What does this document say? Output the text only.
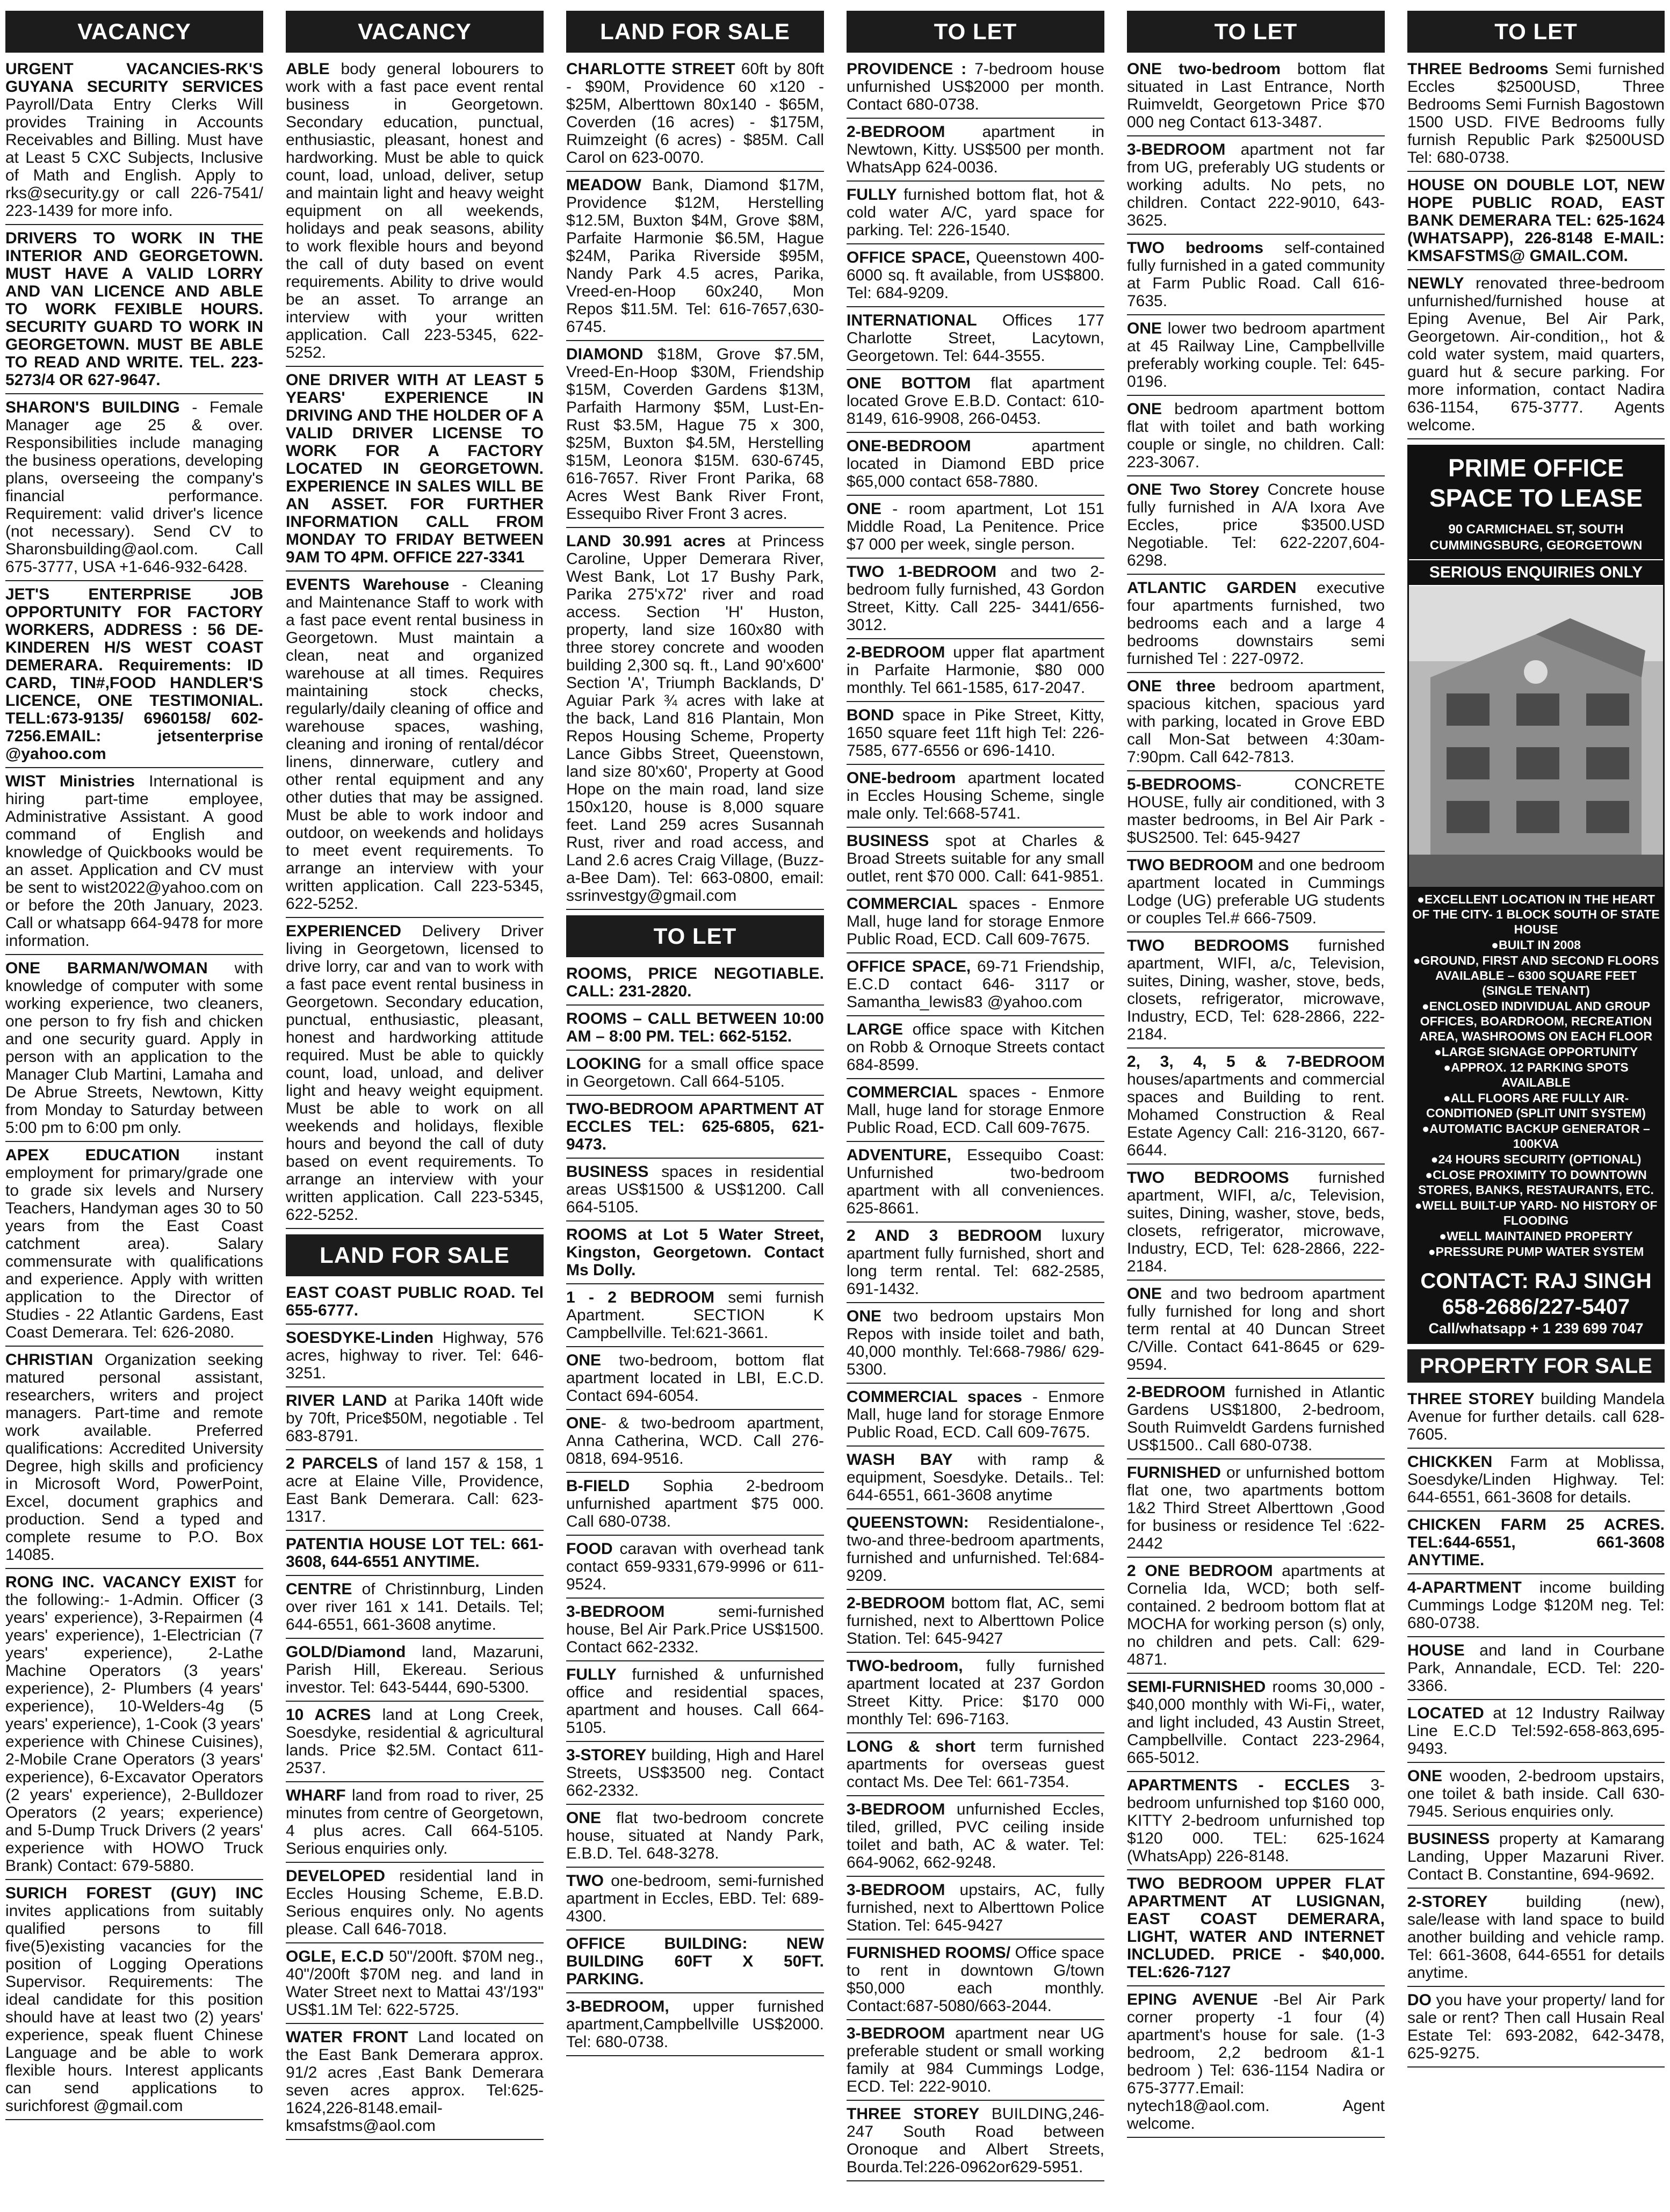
VACANCY
URGENT VACANCIES-RK'S GUYANA SECURITY SERVICES Payroll/Data Entry Clerks Will provides Training in Accounts Receivables and Billing. Must have at Least 5 CXC Subjects, Inclusive of Math and English. Apply to rks@security.gy or call 226-7541/ 223-1439 for more info.
DRIVERS TO WORK IN THE INTERIOR AND GEORGETOWN. MUST HAVE A VALID LORRY AND VAN LICENCE AND ABLE TO WORK FEXIBLE HOURS. SECURITY GUARD TO WORK IN GEORGETOWN. MUST BE ABLE TO READ AND WRITE. TEL. 223-5273/4 OR 627-9647.
SHARON'S BUILDING - Female Manager age 25 & over. Responsibilities include managing the business operations, developing plans, overseeing the company's financial performance. Requirement: valid driver's licence (not necessary). Send CV to Sharonsbuilding@aol.com. Call 675-3777, USA +1-646-932-6428.
JET'S ENTERPRISE JOB OPPORTUNITY FOR FACTORY WORKERS, ADDRESS : 56 DE-KINDEREN H/S WEST COAST DEMERARA. Requirements: ID CARD, TIN#,FOOD HANDLER'S LICENCE, ONE TESTIMONIAL. TELL:673-9135/ 6960158/ 602-7256.EMAIL: jetsenterprise @yahoo.com
WIST Ministries International is hiring part-time employee, Administrative Assistant. A good command of English and knowledge of Quickbooks would be an asset. Application and CV must be sent to wist2022@yahoo.com on or before the 20th January, 2023. Call or whatsapp 664-9478 for more information.
ONE BARMAN/WOMAN with knowledge of computer with some working experience, two cleaners, one person to fry fish and chicken and one security guard. Apply in person with an application to the Manager Club Martini, Lamaha and De Abrue Streets, Newtown, Kitty from Monday to Saturday between 5:00 pm to 6:00 pm only.
APEX EDUCATION instant employment for primary/grade one to grade six levels and Nursery Teachers, Handyman ages 30 to 50 years from the East Coast catchment area). Salary commensurate with qualifications and experience. Apply with written application to the Director of Studies - 22 Atlantic Gardens, East Coast Demerara. Tel: 626-2080.
CHRISTIAN Organization seeking matured personal assistant, researchers, writers and project managers. Part-time and remote work available. Preferred qualifications: Accredited University Degree, high skills and proficiency in Microsoft Word, PowerPoint, Excel, document graphics and production. Send a typed and complete resume to P.O. Box 14085.
RONG INC. VACANCY EXIST for the following:- 1-Admin. Officer (3 years' experience), 3-Repairmen (4 years' experience), 1-Electrician (7 years' experience), 2-Lathe Machine Operators (3 years' experience), 2- Plumbers (4 years' experience), 10-Welders-4g (5 years' experience), 1-Cook (3 years' experience with Chinese Cuisines), 2-Mobile Crane Operators (3 years' experience), 6-Excavator Operators (2 years' experience), 2-Bulldozer Operators (2 years; experience) and 5-Dump Truck Drivers (2 years' experience with HOWO Truck Brank) Contact: 679-5880.
SURICH FOREST (GUY) INC invites applications from suitably qualified persons to fill five(5)existing vacancies for the position of Logging Operations Supervisor. Requirements: The ideal candidate for this position should have at least two (2) years' experience, speak fluent Chinese Language and be able to work flexible hours. Interest applicants can send applications to surichforest @gmail.com
VACANCY
ABLE body general lobourers to work with a fast pace event rental business in Georgetown. Secondary education, punctual, enthusiastic, pleasant, honest and hardworking. Must be able to quick count, load, unload, deliver, setup and maintain light and heavy weight equipment on all weekends, holidays and peak seasons, ability to work flexible hours and beyond the call of duty based on event requirements. Ability to drive would be an asset. To arrange an interview with your written application. Call 223-5345, 622-5252.
ONE DRIVER WITH AT LEAST 5 YEARS' EXPERIENCE IN DRIVING AND THE HOLDER OF A VALID DRIVER LICENSE TO WORK FOR A FACTORY LOCATED IN GEORGETOWN. EXPERIENCE IN SALES WILL BE AN ASSET. FOR FURTHER INFORMATION CALL FROM MONDAY TO FRIDAY BETWEEN 9AM TO 4PM. OFFICE 227-3341
EVENTS Warehouse - Cleaning and Maintenance Staff to work with a fast pace event rental business in Georgetown. Must maintain a clean, neat and organized warehouse at all times. Requires maintaining stock checks, regularly/daily cleaning of office and warehouse spaces, washing, cleaning and ironing of rental/décor linens, dinnerware, cutlery and other rental equipment and any other duties that may be assigned. Must be able to work indoor and outdoor, on weekends and holidays to meet event requirements. To arrange an interview with your written application. Call 223-5345, 622-5252.
EXPERIENCED Delivery Driver living in Georgetown, licensed to drive lorry, car and van to work with a fast pace event rental business in Georgetown. Secondary education, punctual, enthusiastic, pleasant, honest and hardworking attitude required. Must be able to quickly count, load, unload, and deliver light and heavy weight equipment. Must be able to work on all weekends and holidays, flexible hours and beyond the call of duty based on event requirements. To arrange an interview with your written application. Call 223-5345, 622-5252.
LAND FOR SALE
EAST COAST PUBLIC ROAD. Tel 655-6777.
SOESDYKE-Linden Highway, 576 acres, highway to river. Tel: 646-3251.
RIVER LAND at Parika 140ft wide by 70ft, Price$50M, negotiable . Tel 683-8791.
2 PARCELS of land 157 & 158, 1 acre at Elaine Ville, Providence, East Bank Demerara. Call: 623-1317.
PATENTIA HOUSE LOT TEL: 661-3608, 644-6551 ANYTIME.
CENTRE of Christinnburg, Linden over river 161 x 141. Details. Tel; 644-6551, 661-3608 anytime.
GOLD/Diamond land, Mazaruni, Parish Hill, Ekereau. Serious investor. Tel: 643-5444, 690-5300.
10 ACRES land at Long Creek, Soesdyke, residential & agricultural lands. Price $2.5M. Contact 611-2537.
WHARF land from road to river, 25 minutes from centre of Georgetown, 4 plus acres. Call 664-5105. Serious enquiries only.
DEVELOPED residential land in Eccles Housing Scheme, E.B.D. Serious enquires only. No agents please. Call 646-7018.
OGLE, E.C.D 50"/200ft. $70M neg., 40"/200ft $70M neg. and land in Water Street next to Mattai 43'/193" US$1.1M Tel: 622-5725.
WATER FRONT Land located on the East Bank Demerara approx. 91/2 acres ,East Bank Demerara seven acres approx. Tel:625-1624,226-8148.email-kmsafstms@aol.com
LAND FOR SALE
CHARLOTTE STREET 60ft by 80ft - $90M, Providence 60 x120 - $25M, Alberttown 80x140 - $65M, Coverden (16 acres) - $175M, Ruimzeight (6 acres) - $85M. Call Carol on 623-0070.
MEADOW Bank, Diamond $17M, Providence $12M, Herstelling $12.5M, Buxton $4M, Grove $8M, Parfaite Harmonie $6.5M, Hague $24M, Parika Riverside $95M, Nandy Park 4.5 acres, Parika, Vreed-en-Hoop 60x240, Mon Repos $11.5M. Tel: 616-7657,630-6745.
DIAMOND $18M, Grove $7.5M, Vreed-En-Hoop $30M, Friendship $15M, Coverden Gardens $13M, Parfaith Harmony $5M, Lust-En-Rust $3.5M, Hague 75 x 300, $25M, Buxton $4.5M, Herstelling $15M, Leonora $15M. 630-6745, 616-7657. River Front Parika, 68 Acres West Bank River Front, Essequibo River Front 3 acres.
LAND 30.991 acres at Princess Caroline, Upper Demerara River, West Bank, Lot 17 Bushy Park, Parika 275'x72' river and road access. Section 'H' Huston, property, land size 160x80 with three storey concrete and wooden building 2,300 sq. ft., Land 90'x600' Section 'A', Triumph Backlands, D' Aguiar Park ¾ acres with lake at the back, Land 816 Plantain, Mon Repos Housing Scheme, Property Lance Gibbs Street, Queenstown, land size 80'x60', Property at Good Hope on the main road, land size 150x120, house is 8,000 square feet. Land 259 acres Susannah Rust, river and road access, and Land 2.6 acres Craig Village, (Buzz-a-Bee Dam). Tel: 663-0800, email: ssrinvestgy@gmail.com
TO LET
ROOMS, PRICE NEGOTIABLE. CALL: 231-2820.
ROOMS – CALL BETWEEN 10:00 AM – 8:00 PM. TEL: 662-5152.
LOOKING for a small office space in Georgetown. Call 664-5105.
TWO-BEDROOM APARTMENT AT ECCLES TEL: 625-6805, 621-9473.
BUSINESS spaces in residential areas US$1500 & US$1200. Call 664-5105.
ROOMS at Lot 5 Water Street, Kingston, Georgetown. Contact Ms Dolly.
1 - 2 BEDROOM semi furnish Apartment. SECTION K Campbellville. Tel:621-3661.
ONE two-bedroom, bottom flat apartment located in LBI, E.C.D. Contact 694-6054.
ONE- & two-bedroom apartment, Anna Catherina, WCD. Call 276-0818, 694-9516.
B-FIELD Sophia 2-bedroom unfurnished apartment $75 000. Call 680-0738.
FOOD caravan with overhead tank contact 659-9331,679-9996 or 611-9524.
3-BEDROOM semi-furnished house, Bel Air Park.Price US$1500. Contact 662-2332.
FULLY furnished & unfurnished office and residential spaces, apartment and houses. Call 664-5105.
3-STOREY building, High and Harel Streets, US$3500 neg. Contact 662-2332.
ONE flat two-bedroom concrete house, situated at Nandy Park, E.B.D. Tel. 648-3278.
TWO one-bedroom, semi-furnished apartment in Eccles, EBD. Tel: 689-4300.
OFFICE BUILDING: NEW BUILDING 60FT X 50FT. PARKING.
3-BEDROOM, upper furnished apartment,Campbellville US$2000. Tel: 680-0738.
TO LET
PROVIDENCE : 7-bedroom house unfurnished US$2000 per month. Contact 680-0738.
2-BEDROOM apartment in Newtown, Kitty. US$500 per month. WhatsApp 624-0036.
FULLY furnished bottom flat, hot & cold water A/C, yard space for parking. Tel: 226-1540.
OFFICE SPACE, Queenstown 400-6000 sq. ft available, from US$800. Tel: 684-9209.
INTERNATIONAL Offices 177 Charlotte Street, Lacytown, Georgetown. Tel: 644-3555.
ONE BOTTOM flat apartment located Grove E.B.D. Contact: 610-8149, 616-9908, 266-0453.
ONE-BEDROOM apartment located in Diamond EBD price $65,000 contact 658-7880.
ONE - room apartment, Lot 151 Middle Road, La Penitence. Price $7 000 per week, single person.
TWO 1-BEDROOM and two 2-bedroom fully furnished, 43 Gordon Street, Kitty. Call 225- 3441/656-3012.
2-BEDROOM upper flat apartment in Parfaite Harmonie, $80 000 monthly. Tel 661-1585, 617-2047.
BOND space in Pike Street, Kitty, 1650 square feet 11ft high Tel: 226-7585, 677-6556 or 696-1410.
ONE-bedroom apartment located in Eccles Housing Scheme, single male only. Tel:668-5741.
BUSINESS spot at Charles & Broad Streets suitable for any small outlet, rent $70 000. Call: 641-9851.
COMMERCIAL spaces - Enmore Mall, huge land for storage Enmore Public Road, ECD. Call 609-7675.
OFFICE SPACE, 69-71 Friendship, E.C.D contact 646- 3117 or Samantha_lewis83 @yahoo.com
LARGE office space with Kitchen on Robb & Ornoque Streets contact 684-8599.
COMMERCIAL spaces - Enmore Mall, huge land for storage Enmore Public Road, ECD. Call 609-7675.
ADVENTURE, Essequibo Coast: Unfurnished two-bedroom apartment with all conveniences. 625-8661.
2 AND 3 BEDROOM luxury apartment fully furnished, short and long term rental. Tel: 682-2585, 691-1432.
ONE two bedroom upstairs Mon Repos with inside toilet and bath, 40,000 monthly. Tel:668-7986/ 629-5300.
COMMERCIAL spaces - Enmore Mall, huge land for storage Enmore Public Road, ECD. Call 609-7675.
WASH BAY with ramp & equipment, Soesdyke. Details.. Tel: 644-6551, 661-3608 anytime
QUEENSTOWN: Residentialone-, two-and three-bedroom apartments, furnished and unfurnished. Tel:684-9209.
2-BEDROOM bottom flat, AC, semi furnished, next to Alberttown Police Station. Tel: 645-9427
TWO-bedroom, fully furnished apartment located at 237 Gordon Street Kitty. Price: $170 000 monthly Tel: 696-7163.
LONG & short term furnished apartments for overseas guest contact Ms. Dee Tel: 661-7354.
3-BEDROOM unfurnished Eccles, tiled, grilled, PVC ceiling inside toilet and bath, AC & water. Tel: 664-9062, 662-9248.
3-BEDROOM upstairs, AC, fully furnished, next to Alberttown Police Station. Tel: 645-9427
FURNISHED ROOMS/ Office space to rent in downtown G/town $50,000 each monthly. Contact:687-5080/663-2044.
3-BEDROOM apartment near UG preferable student or small working family at 984 Cummings Lodge, ECD. Tel: 222-9010.
THREE STOREY BUILDING,246-247 South Road between Oronoque and Albert Streets, Bourda.Tel:226-0962or629-5951.
TO LET
ONE two-bedroom bottom flat situated in Last Entrance, North Ruimveldt, Georgetown Price $70 000 neg Contact 613-3487.
3-BEDROOM apartment not far from UG, preferably UG students or working adults. No pets, no children. Contact 222-9010, 643-3625.
TWO bedrooms self-contained fully furnished in a gated community at Farm Public Road. Call 616-7635.
ONE lower two bedroom apartment at 45 Railway Line, Campbellville preferably working couple. Tel: 645-0196.
ONE bedroom apartment bottom flat with toilet and bath working couple or single, no children. Call: 223-3067.
ONE Two Storey Concrete house fully furnished in A/A Ixora Ave Eccles, price $3500.USD Negotiable. Tel: 622-2207,604-6298.
ATLANTIC GARDEN executive four apartments furnished, two bedrooms each and a large 4 bedrooms downstairs semi furnished Tel : 227-0972.
ONE three bedroom apartment, spacious kitchen, spacious yard with parking, located in Grove EBD call Mon-Sat between 4:30am-7:90pm. Call 642-7813.
5-BEDROOMS- CONCRETE HOUSE, fully air conditioned, with 3 master bedrooms, in Bel Air Park - $US2500. Tel: 645-9427
TWO BEDROOM and one bedroom apartment located in Cummings Lodge (UG) preferable UG students or couples Tel.# 666-7509.
TWO BEDROOMS furnished apartment, WIFI, a/c, Television, suites, Dining, washer, stove, beds, closets, refrigerator, microwave, Industry, ECD, Tel: 628-2866, 222-2184.
2, 3, 4, 5 & 7-BEDROOM houses/apartments and commercial spaces and Building to rent. Mohamed Construction & Real Estate Agency Call: 216-3120, 667-6644.
TWO BEDROOMS furnished apartment, WIFI, a/c, Television, suites, Dining, washer, stove, beds, closets, refrigerator, microwave, Industry, ECD, Tel: 628-2866, 222-2184.
ONE and two bedroom apartment fully furnished for long and short term rental at 40 Duncan Street C/Ville. Contact 641-8645 or 629-9594.
2-BEDROOM furnished in Atlantic Gardens US$1800, 2-bedroom, South Ruimveldt Gardens furnished US$1500.. Call 680-0738.
FURNISHED or unfurnished bottom flat one, two apartments bottom 1&2 Third Street Alberttown ,Good for business or residence Tel :622-2442
2 ONE BEDROOM apartments at Cornelia Ida, WCD; both self-contained. 2 bedroom bottom flat at MOCHA for working person (s) only, no children and pets. Call: 629-4871.
SEMI-FURNISHED rooms 30,000 - $40,000 monthly with Wi-Fi,, water, and light included, 43 Austin Street, Campbellville. Contact 223-2964, 665-5012.
APARTMENTS - ECCLES 3-bedroom unfurnished top $160 000, KITTY 2-bedroom unfurnished top $120 000. TEL: 625-1624 (WhatsApp) 226-8148.
TWO BEDROOM UPPER FLAT APARTMENT AT LUSIGNAN, EAST COAST DEMERARA, LIGHT, WATER AND INTERNET INCLUDED. PRICE - $40,000. TEL:626-7127
EPING AVENUE -Bel Air Park corner property -1 four (4) apartment's house for sale. (1-3 bedroom, 2,2 bedroom &1-1 bedroom ) Tel: 636-1154 Nadira or 675-3777.Email: nytech18@aol.com. Agent welcome.
TO LET
THREE Bedrooms Semi furnished Eccles $2500USD, Three Bedrooms Semi Furnish Bagostown 1500 USD. FIVE Bedrooms fully furnish Republic Park $2500USD Tel: 680-0738.
HOUSE ON DOUBLE LOT, NEW HOPE PUBLIC ROAD, EAST BANK DEMERARA TEL: 625-1624 (WHATSAPP), 226-8148 E-MAIL: KMSAFSTMS@ GMAIL.COM.
NEWLY renovated three-bedroom unfurnished/furnished house at Eping Avenue, Bel Air Park, Georgetown. Air-condition,, hot & cold water system, maid quarters, guard hut & secure parking. For more information, contact Nadira 636-1154, 675-3777. Agents welcome.
PRIME OFFICE SPACE TO LEASE
90 CARMICHAEL ST, SOUTH CUMMINGSBURG, GEORGETOWN
SERIOUS ENQUIRIES ONLY
●EXCELLENT LOCATION IN THE HEART OF THE CITY- 1 BLOCK SOUTH OF STATE HOUSE
●BUILT IN 2008
●GROUND, FIRST AND SECOND FLOORS AVAILABLE – 6300 SQUARE FEET (SINGLE TENANT)
●ENCLOSED INDIVIDUAL AND GROUP OFFICES, BOARDROOM, RECREATION AREA, WASHROOMS ON EACH FLOOR
●LARGE SIGNAGE OPPORTUNITY
●APPROX. 12 PARKING SPOTS AVAILABLE
●ALL FLOORS ARE FULLY AIR-CONDITIONED (SPLIT UNIT SYSTEM)
●AUTOMATIC BACKUP GENERATOR – 100KVA
●24 HOURS SECURITY (OPTIONAL)
●CLOSE PROXIMITY TO DOWNTOWN STORES, BANKS, RESTAURANTS, ETC.
●WELL BUILT-UP YARD- NO HISTORY OF FLOODING
●WELL MAINTAINED PROPERTY
●PRESSURE PUMP WATER SYSTEM
CONTACT: RAJ SINGH
658-2686/227-5407
Call/whatsapp + 1 239 699 7047
PROPERTY FOR SALE
THREE STOREY building Mandela Avenue for further details. call 628-7605.
CHICKKEN Farm at Moblissa, Soesdyke/Linden Highway. Tel: 644-6551, 661-3608 for details.
CHICKEN FARM 25 ACRES. TEL:644-6551, 661-3608 ANYTIME.
4-APARTMENT income building Cummings Lodge $120M neg. Tel: 680-0738.
HOUSE and land in Courbane Park, Annandale, ECD. Tel: 220-3366.
LOCATED at 12 Industry Railway Line E.C.D Tel:592-658-863,695-9493.
ONE wooden, 2-bedroom upstairs, one toilet & bath inside. Call 630-7945. Serious enquiries only.
BUSINESS property at Kamarang Landing, Upper Mazaruni River. Contact B. Constantine, 694-9692.
2-STOREY building (new), sale/lease with land space to build another building and vehicle ramp. Tel: 661-3608, 644-6551 for details anytime.
DO you have your property/ land for sale or rent? Then call Husain Real Estate Tel: 693-2082, 642-3478, 625-9275.
